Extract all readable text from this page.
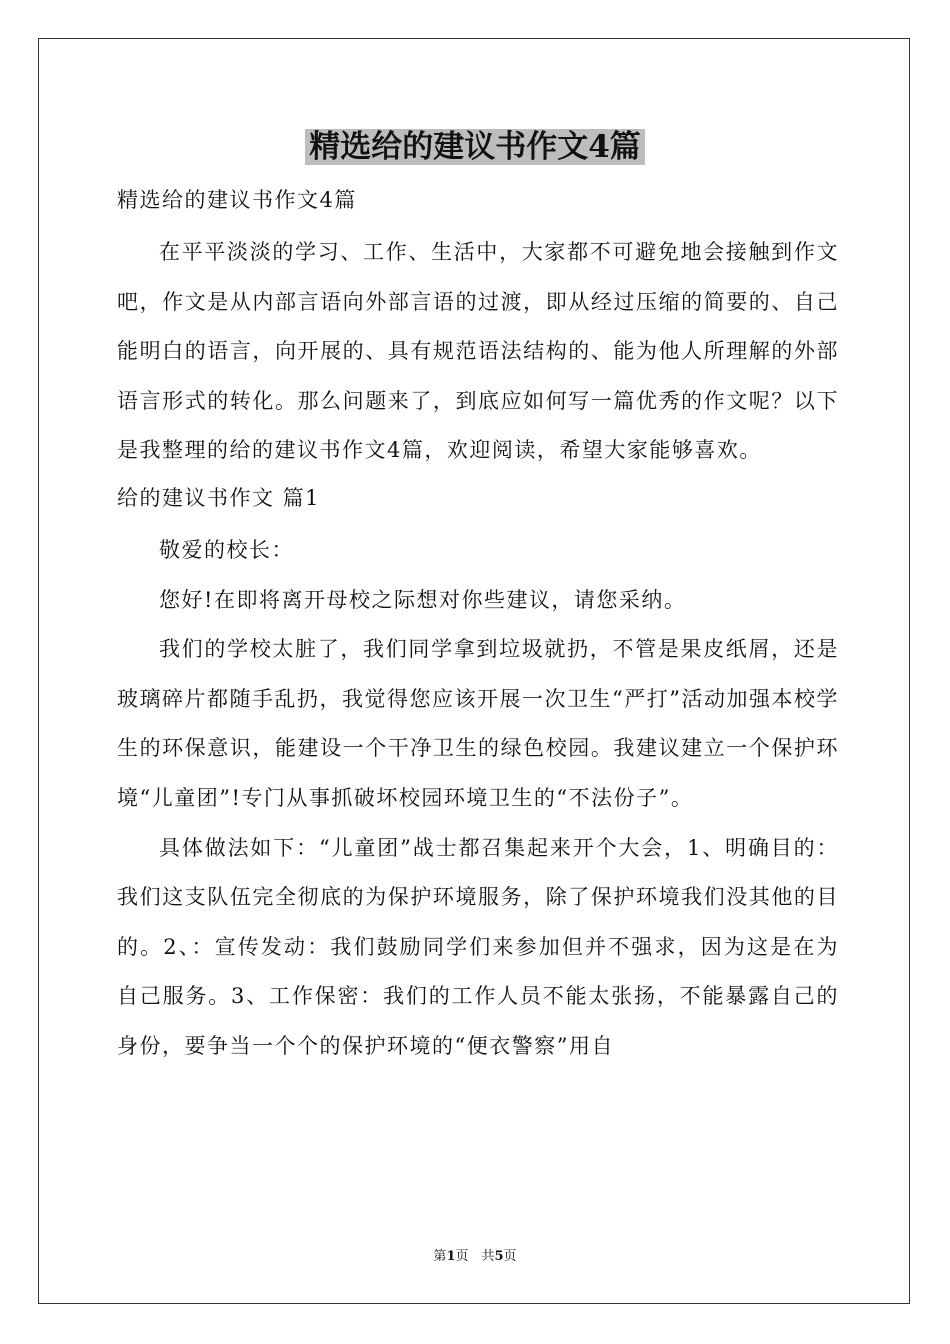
精选给的建议书作文4篇

精选给的建议书作文4篇

在平平淡淡的学习、工作、生活中，大家都不可避免地会接触到作文吧，作文是从内部言语向外部言语的过渡，即从经过压缩的简要的、自己能明白的语言，向开展的、具有规范语法结构的、能为他人所理解的外部语言形式的转化。那么问题来了，到底应如何写一篇优秀的作文呢？以下是我整理的给的建议书作文4篇，欢迎阅读，希望大家能够喜欢。

给的建议书作文 篇1

敬爱的校长：

您好!在即将离开母校之际想对你些建议，请您采纳。

我们的学校太脏了，我们同学拿到垃圾就扔，不管是果皮纸屑，还是玻璃碎片都随手乱扔，我觉得您应该开展一次卫生“严打”活动加强本校学生的环保意识，能建设一个干净卫生的绿色校园。我建议建立一个保护环境“儿童团”!专门从事抓破坏校园环境卫生的“不法份子”。

具体做法如下：“儿童团”战士都召集起来开个大会，1、明确目的：我们这支队伍完全彻底的为保护环境服务，除了保护环境我们没其他的目的。2、：宣传发动：我们鼓励同学们来参加但并不强求，因为这是在为自己服务。3、工作保密：我们的工作人员不能太张扬，不能暴露自己的身份，要争当一个个的保护环境的“便衣警察”用自

第1页　共5页
